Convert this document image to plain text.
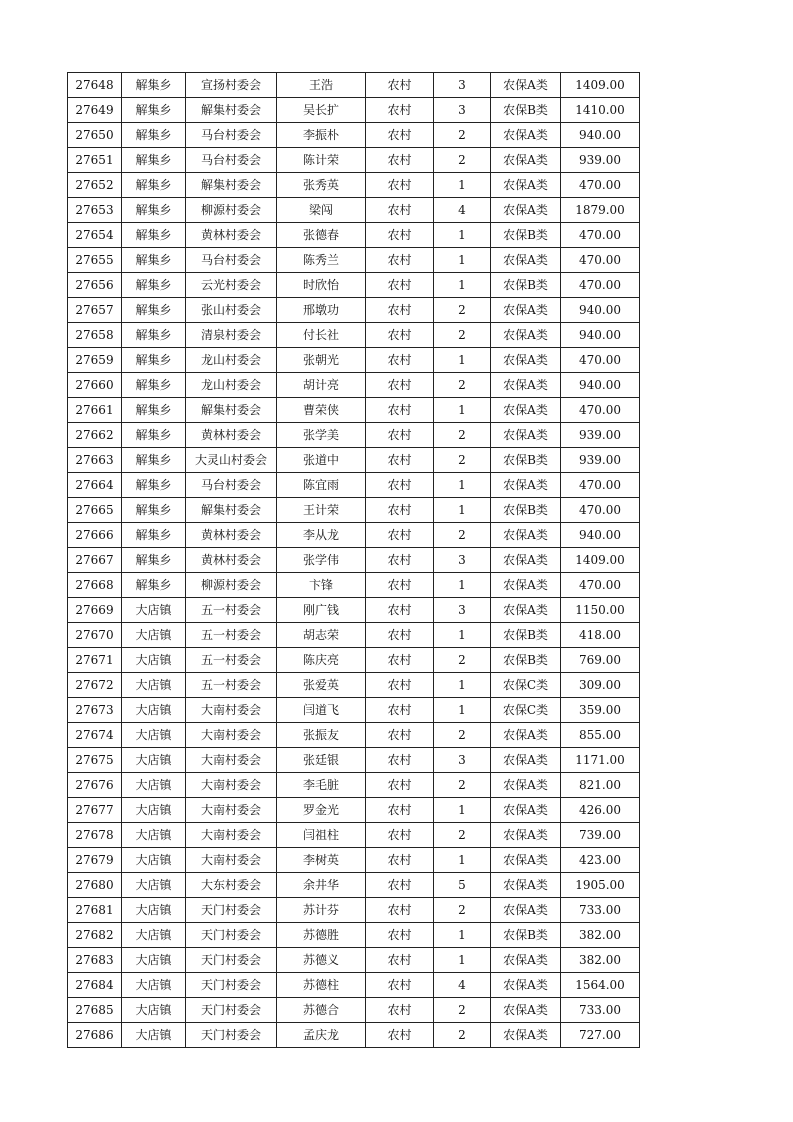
27648	解集乡	宣扬村委会	王浩	农村	3	农保A类	1409.00
27649	解集乡	解集村委会	吴长扩	农村	3	农保B类	1410.00
27650	解集乡	马台村委会	李振朴	农村	2	农保A类	940.00
27651	解集乡	马台村委会	陈计荣	农村	2	农保A类	939.00
27652	解集乡	解集村委会	张秀英	农村	1	农保A类	470.00
27653	解集乡	柳源村委会	梁闯	农村	4	农保A类	1879.00
27654	解集乡	黄林村委会	张德春	农村	1	农保B类	470.00
27655	解集乡	马台村委会	陈秀兰	农村	1	农保A类	470.00
27656	解集乡	云光村委会	时欣怡	农村	1	农保B类	470.00
27657	解集乡	张山村委会	邢墩功	农村	2	农保A类	940.00
27658	解集乡	清泉村委会	付长社	农村	2	农保A类	940.00
27659	解集乡	龙山村委会	张朝光	农村	1	农保A类	470.00
27660	解集乡	龙山村委会	胡计亮	农村	2	农保A类	940.00
27661	解集乡	解集村委会	曹荣侠	农村	1	农保A类	470.00
27662	解集乡	黄林村委会	张学美	农村	2	农保A类	939.00
27663	解集乡	大灵山村委会	张道中	农村	2	农保B类	939.00
27664	解集乡	马台村委会	陈宜雨	农村	1	农保A类	470.00
27665	解集乡	解集村委会	王计荣	农村	1	农保B类	470.00
27666	解集乡	黄林村委会	李从龙	农村	2	农保A类	940.00
27667	解集乡	黄林村委会	张学伟	农村	3	农保A类	1409.00
27668	解集乡	柳源村委会	卞锋	农村	1	农保A类	470.00
27669	大店镇	五一村委会	刚广钱	农村	3	农保A类	1150.00
27670	大店镇	五一村委会	胡志荣	农村	1	农保B类	418.00
27671	大店镇	五一村委会	陈庆亮	农村	2	农保B类	769.00
27672	大店镇	五一村委会	张爱英	农村	1	农保C类	309.00
27673	大店镇	大南村委会	闫道飞	农村	1	农保C类	359.00
27674	大店镇	大南村委会	张振友	农村	2	农保A类	855.00
27675	大店镇	大南村委会	张廷银	农村	3	农保A类	1171.00
27676	大店镇	大南村委会	李毛脏	农村	2	农保A类	821.00
27677	大店镇	大南村委会	罗金光	农村	1	农保A类	426.00
27678	大店镇	大南村委会	闫祖柱	农村	2	农保A类	739.00
27679	大店镇	大南村委会	李树英	农村	1	农保A类	423.00
27680	大店镇	大东村委会	余井华	农村	5	农保A类	1905.00
27681	大店镇	天门村委会	苏计芬	农村	2	农保A类	733.00
27682	大店镇	天门村委会	苏德胜	农村	1	农保B类	382.00
27683	大店镇	天门村委会	苏德义	农村	1	农保A类	382.00
27684	大店镇	天门村委会	苏德柱	农村	4	农保A类	1564.00
27685	大店镇	天门村委会	苏德合	农村	2	农保A类	733.00
27686	大店镇	天门村委会	孟庆龙	农村	2	农保A类	727.00
